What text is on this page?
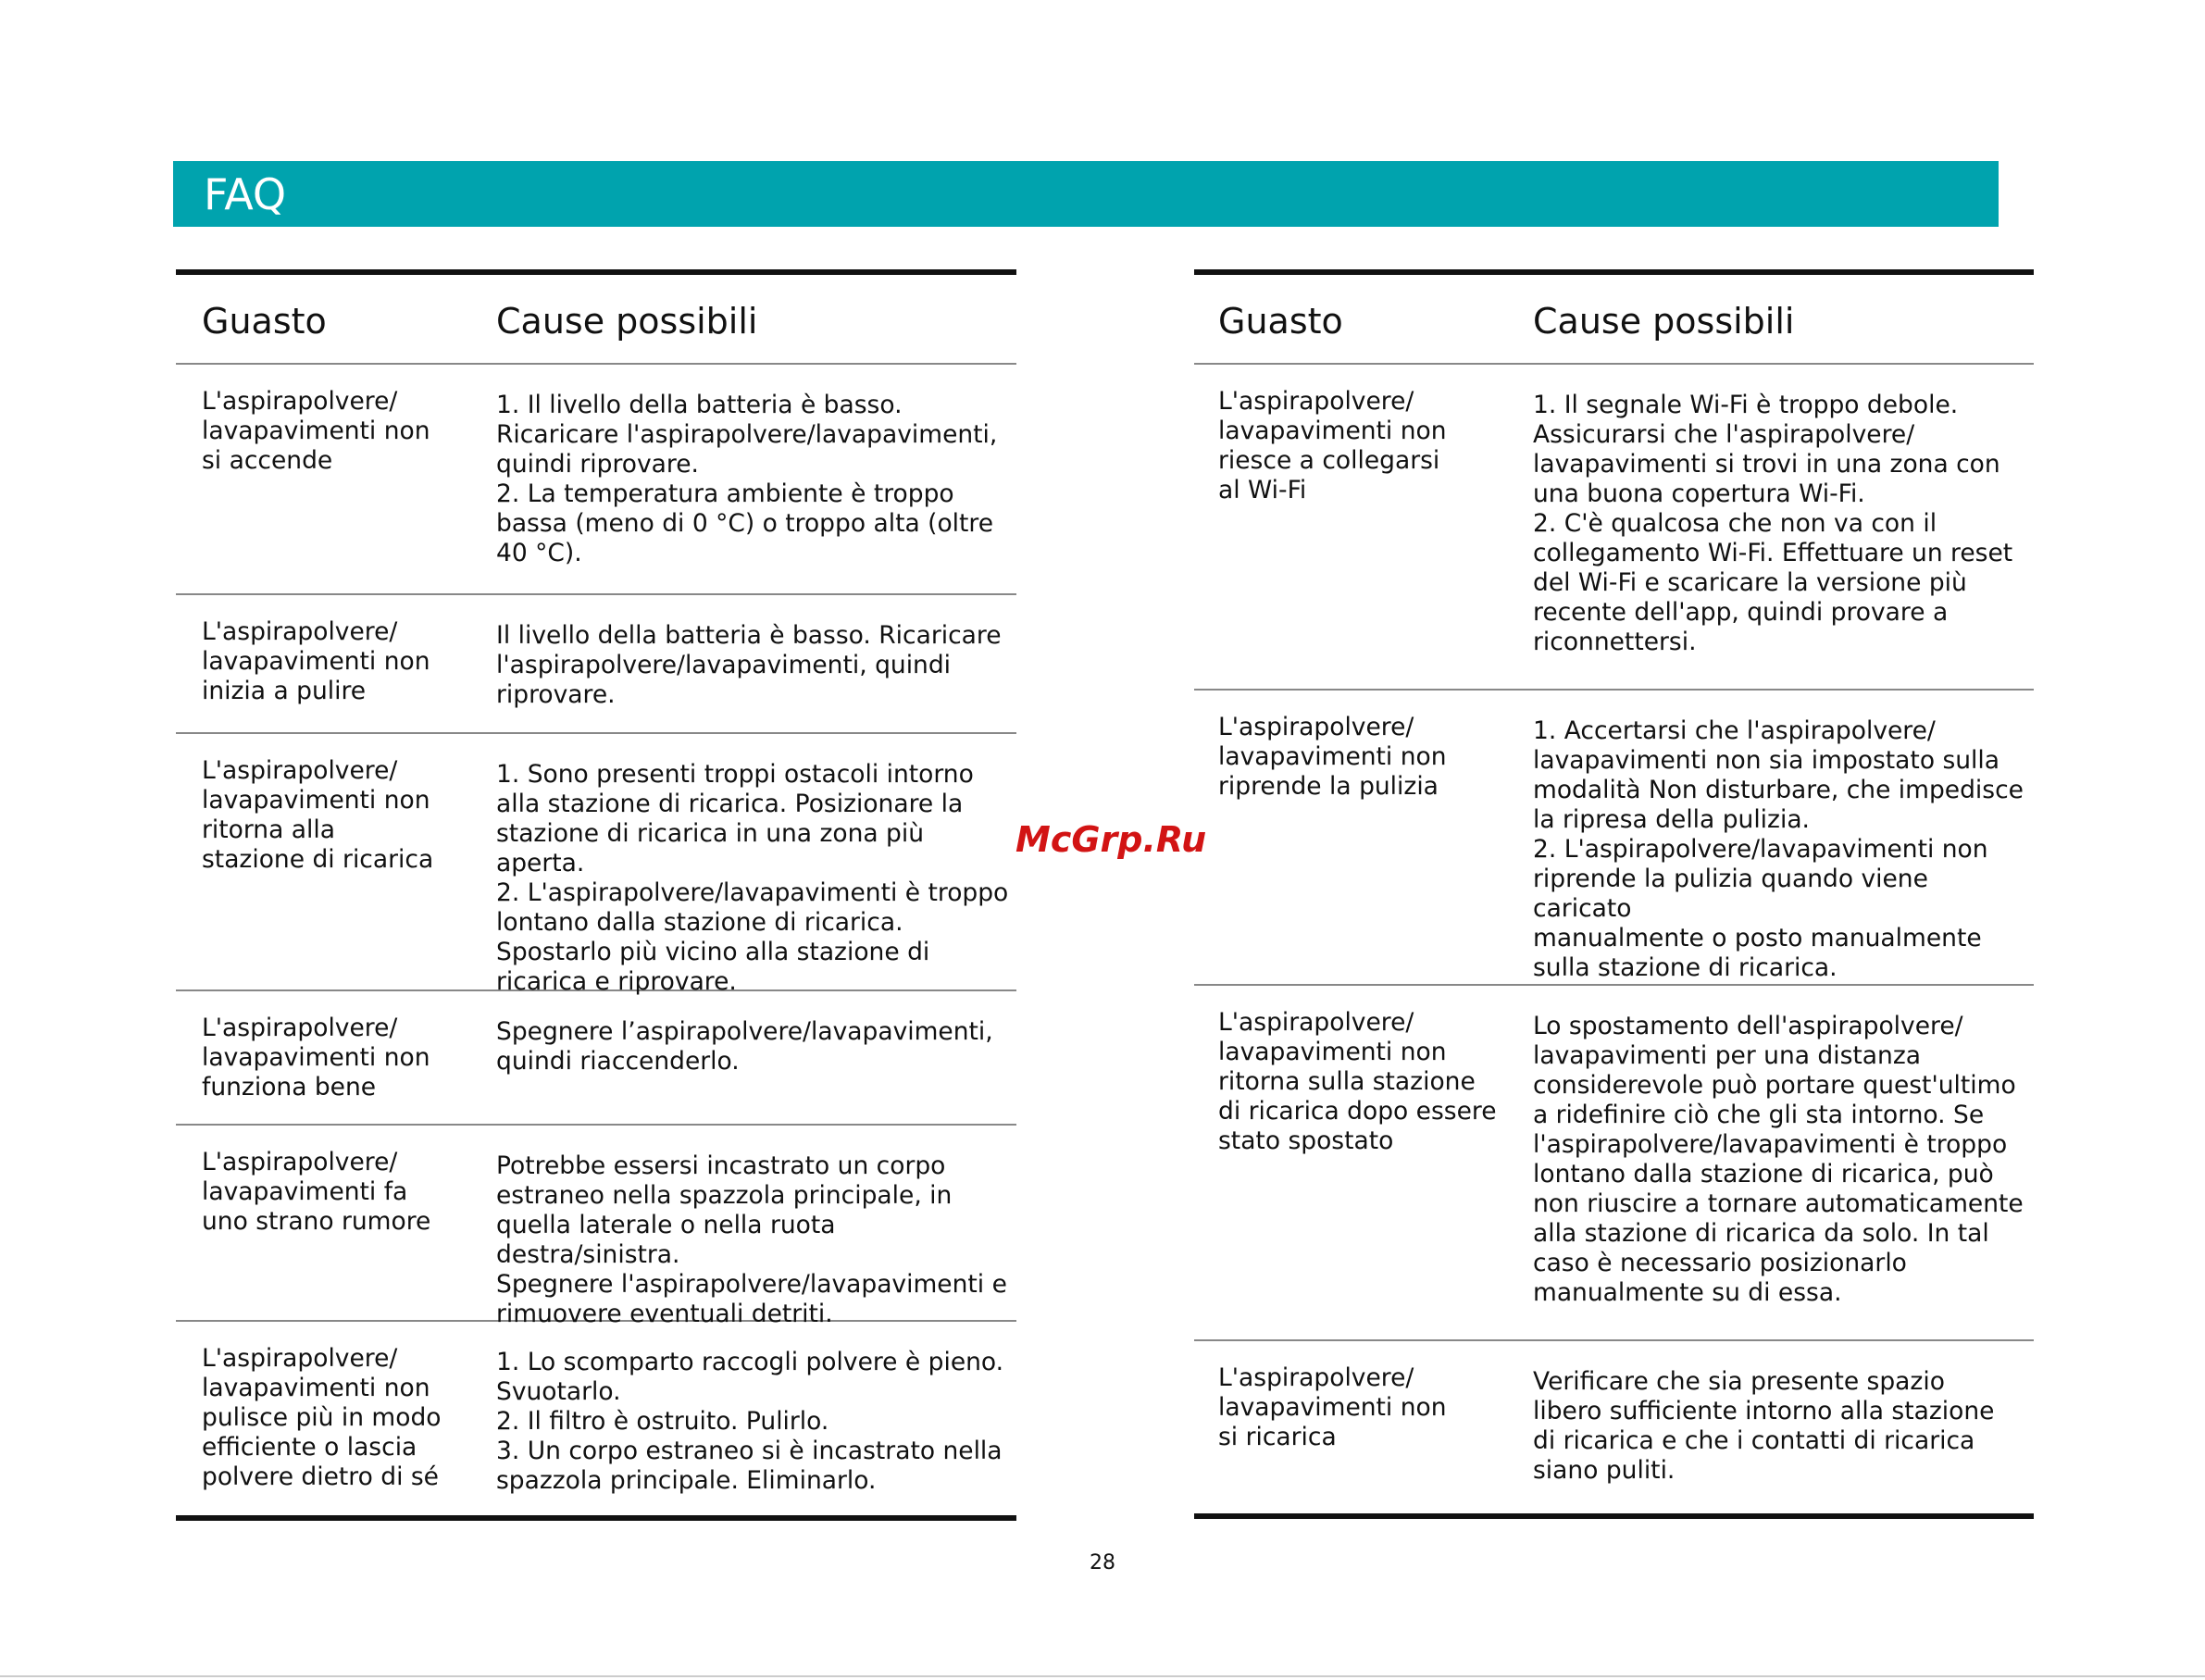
FAQ
Guasto	Cause possibili
L'aspirapolvere/
lavapavimenti non
si accende
1. Il livello della batteria è basso.
Ricaricare l'aspirapolvere/lavapavimenti,
quindi riprovare.
2. La temperatura ambiente è troppo
bassa (meno di 0 °C) o troppo alta (oltre
40 °C).
L'aspirapolvere/
lavapavimenti non
inizia a pulire
Il livello della batteria è basso. Ricaricare
l'aspirapolvere/lavapavimenti, quindi
riprovare.
L'aspirapolvere/
lavapavimenti non
ritorna alla
stazione di ricarica
1. Sono presenti troppi ostacoli intorno
alla stazione di ricarica. Posizionare la
stazione di ricarica in una zona più aperta.
2. L'aspirapolvere/lavapavimenti è troppo
lontano dalla stazione di ricarica.
Spostarlo più vicino alla stazione di
ricarica e riprovare.
L'aspirapolvere/
lavapavimenti non
funziona bene
Spegnere l’aspirapolvere/lavapavimenti,
quindi riaccenderlo.
L'aspirapolvere/
lavapavimenti fa
uno strano rumore
Potrebbe essersi incastrato un corpo
estraneo nella spazzola principale, in
quella laterale o nella ruota destra/sinistra.
Spegnere l'aspirapolvere/lavapavimenti e
rimuovere eventuali detriti.
L'aspirapolvere/
lavapavimenti non
pulisce più in modo
efficiente o lascia
polvere dietro di sé
1. Lo scomparto raccogli polvere è pieno.
Svuotarlo.
2. Il filtro è ostruito. Pulirlo.
3. Un corpo estraneo si è incastrato nella
spazzola principale. Eliminarlo.
Guasto	Cause possibili
L'aspirapolvere/
lavapavimenti non
riesce a collegarsi
al Wi-Fi
1. Il segnale Wi-Fi è troppo debole.
Assicurarsi che l'aspirapolvere/
lavapavimenti si trovi in una zona con
una buona copertura Wi-Fi.
2. C'è qualcosa che non va con il
collegamento Wi-Fi. Effettuare un reset
del Wi-Fi e scaricare la versione più
recente dell'app, quindi provare a
riconnettersi.
L'aspirapolvere/
lavapavimenti non
riprende la pulizia
1. Accertarsi che l'aspirapolvere/
lavapavimenti non sia impostato sulla
modalità Non disturbare, che impedisce
la ripresa della pulizia.
2. L'aspirapolvere/lavapavimenti non
riprende la pulizia quando viene caricato
manualmente o posto manualmente
sulla stazione di ricarica.
L'aspirapolvere/
lavapavimenti non
ritorna sulla stazione
di ricarica dopo essere
stato spostato
Lo spostamento dell'aspirapolvere/
lavapavimenti per una distanza
considerevole può portare quest'ultimo
a ridefinire ciò che gli sta intorno. Se
l'aspirapolvere/lavapavimenti è troppo
lontano dalla stazione di ricarica, può
non riuscire a tornare automaticamente
alla stazione di ricarica da solo. In tal
caso è necessario posizionarlo
manualmente su di essa.
L'aspirapolvere/
lavapavimenti non
si ricarica
Verificare che sia presente spazio
libero sufficiente intorno alla stazione
di ricarica e che i contatti di ricarica
siano puliti.
McGrp.Ru
28
